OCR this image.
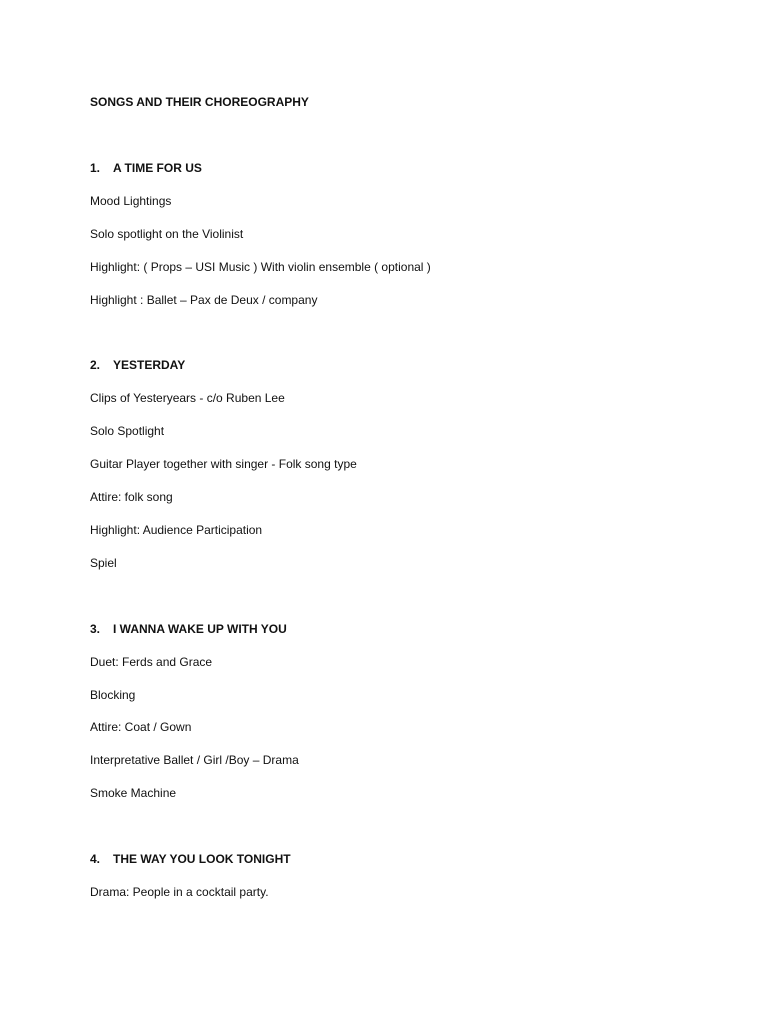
SONGS AND THEIR CHOREOGRAPHY
1. A TIME FOR US
Mood Lightings
Solo spotlight on the Violinist
Highlight: ( Props – USI Music ) With violin ensemble ( optional )
Highlight : Ballet – Pax de Deux / company
2. YESTERDAY
Clips of Yesteryears - c/o Ruben Lee
Solo Spotlight
Guitar Player together with singer - Folk song type
Attire: folk song
Highlight: Audience Participation
Spiel
3. I WANNA WAKE UP WITH YOU
Duet: Ferds and Grace
Blocking
Attire: Coat / Gown
Interpretative Ballet / Girl /Boy – Drama
Smoke Machine
4. THE WAY YOU LOOK TONIGHT
Drama: People in a cocktail party.
